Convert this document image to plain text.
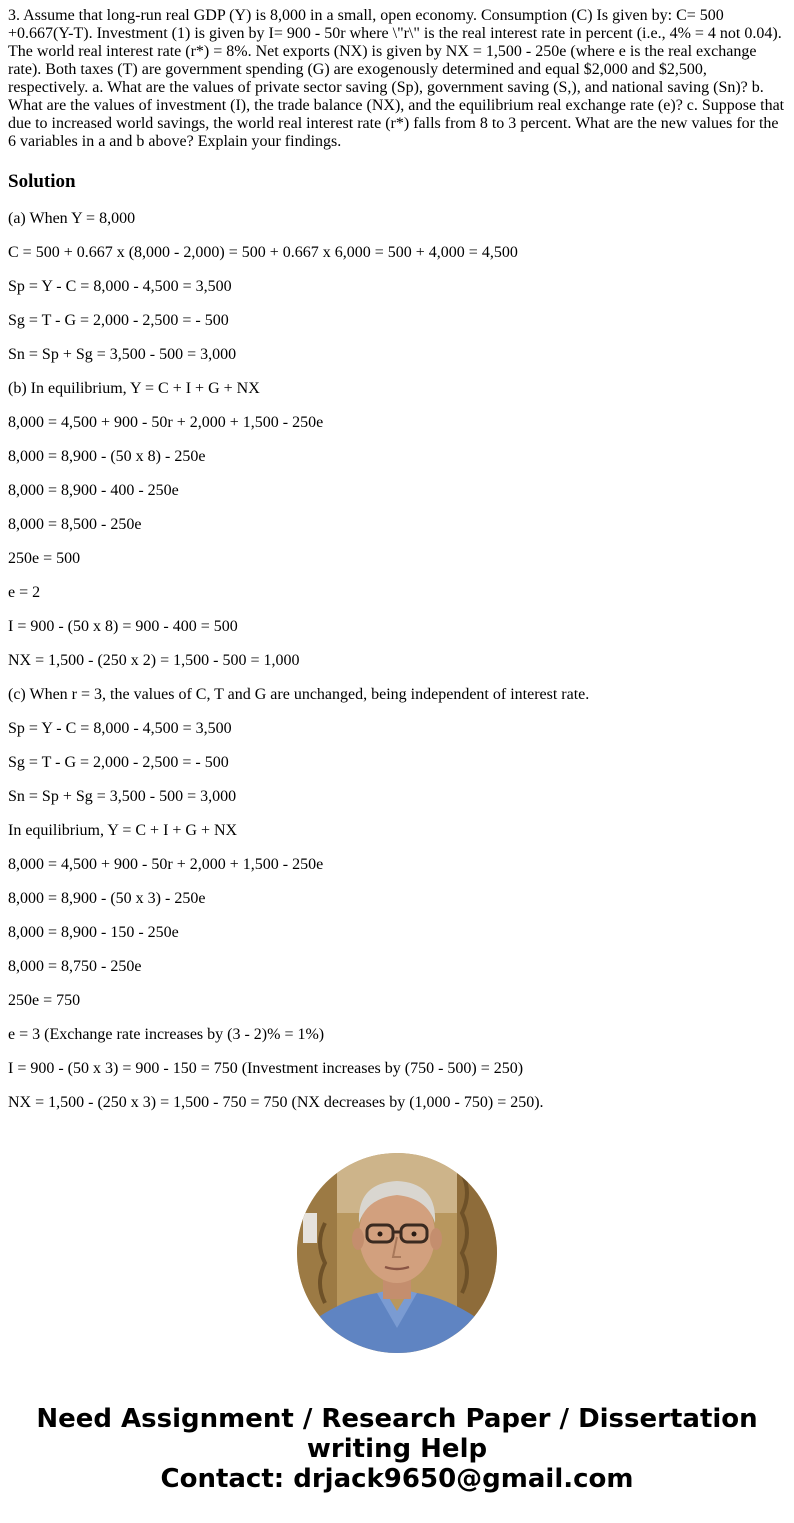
3. Assume that long-run real GDP (Y) is 8,000 in a small, open economy. Consumption (C) Is given by: C= 500 +0.667(Y-T). Investment (1) is given by I= 900 - 50r where \"r\" is the real interest rate in percent (i.e., 4% = 4 not 0.04). The world real interest rate (r*) = 8%. Net exports (NX) is given by NX = 1,500 - 250e (where e is the real exchange rate). Both taxes (T) are government spending (G) are exogenously determined and equal $2,000 and $2,500, respectively. a. What are the values of private sector saving (Sp), government saving (S,), and national saving (Sn)? b. What are the values of investment (I), the trade balance (NX), and the equilibrium real exchange rate (e)? c. Suppose that due to increased world savings, the world real interest rate (r*) falls from 8 to 3 percent. What are the new values for the 6 variables in a and b above? Explain your findings.

Solution
(a) When Y = 8,000
C = 500 + 0.667 x (8,000 - 2,000) = 500 + 0.667 x 6,000 = 500 + 4,000 = 4,500
Sp = Y - C = 8,000 - 4,500 = 3,500
Sg = T - G = 2,000 - 2,500 = - 500
Sn = Sp + Sg = 3,500 - 500 = 3,000
(b) In equilibrium, Y = C + I + G + NX
8,000 = 4,500 + 900 - 50r + 2,000 + 1,500 - 250e
8,000 = 8,900 - (50 x 8) - 250e
8,000 = 8,900 - 400 - 250e
8,000 = 8,500 - 250e
250e = 500
e = 2
I = 900 - (50 x 8) = 900 - 400 = 500
NX = 1,500 - (250 x 2) = 1,500 - 500 = 1,000
(c) When r = 3, the values of C, T and G are unchanged, being independent of interest rate.
Sp = Y - C = 8,000 - 4,500 = 3,500
Sg = T - G = 2,000 - 2,500 = - 500
Sn = Sp + Sg = 3,500 - 500 = 3,000
In equilibrium, Y = C + I + G + NX
8,000 = 4,500 + 900 - 50r + 2,000 + 1,500 - 250e
8,000 = 8,900 - (50 x 3) - 250e
8,000 = 8,900 - 150 - 250e
8,000 = 8,750 - 250e
250e = 750
e = 3 (Exchange rate increases by (3 - 2)% = 1%)
I = 900 - (50 x 3) = 900 - 150 = 750 (Investment increases by (750 - 500) = 250)
NX = 1,500 - (250 x 3) = 1,500 - 750 = 750 (NX decreases by (1,000 - 750) = 250).
Need Assignment / Research Paper / Dissertation
writing Help
Contact: drjack9650@gmail.com
